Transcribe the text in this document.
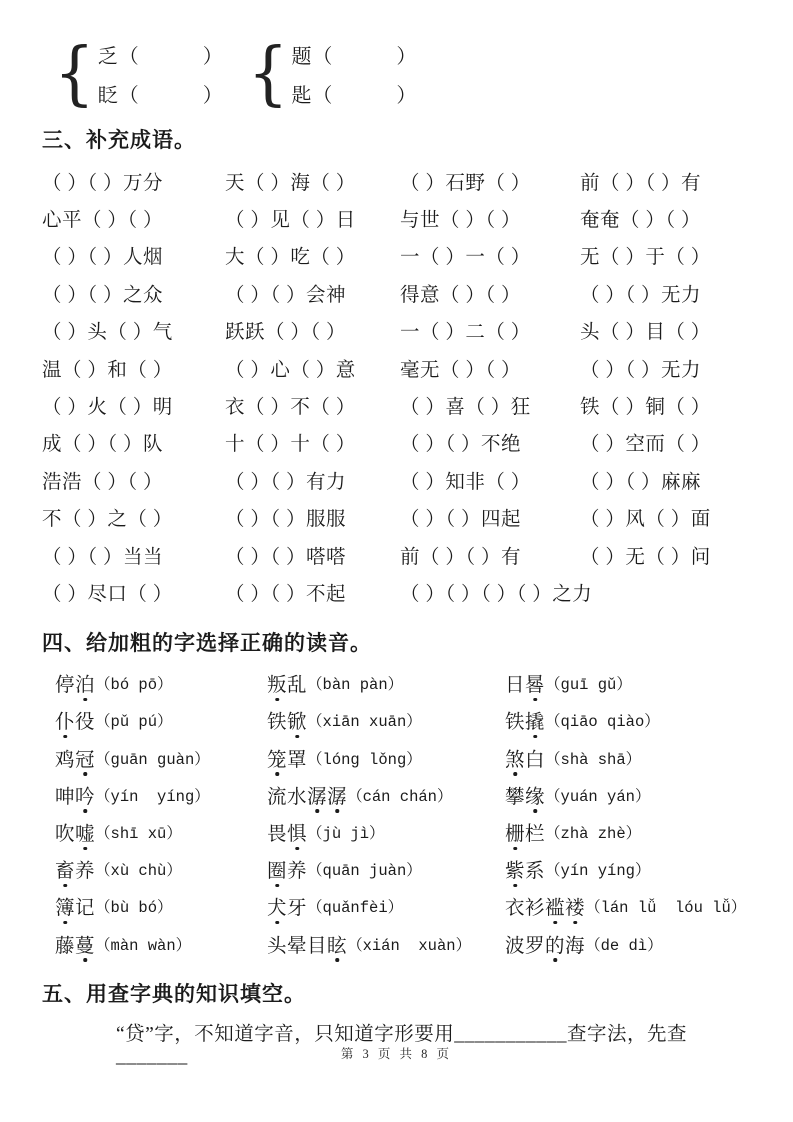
{ 乏（　　　）
眨（　　　） { 题（　　　）
匙（　　　）
三、补充成语。
（ ）（ ）万分	天（ ）海（ ）	（ ）石野（ ）	前（ ）（ ）有
心平（ ）（ ）	（ ）见（ ）日	与世（ ）（ ）	奄奄（ ）（ ）
（ ）（ ）人烟	大（ ）吃（ ）	一（ ）一（ ）	无（ ）于（ ）
（ ）（ ）之众	（ ）（ ）会神	得意（ ）（ ）	（ ）（ ）无力
（ ）头（ ）气	跃跃（ ）（ ）	一（ ）二（ ）	头（ ）目（ ）
温（ ）和（ ）	（ ）心（ ）意	毫无（ ）（ ）	（ ）（ ）无力
（ ）火（ ）明	衣（ ）不（ ）	（ ）喜（ ）狂	铁（ ）铜（ ）
成（ ）（ ）队	十（ ）十（ ）	（ ）（ ）不绝	（ ）空而（ ）
浩浩（ ）（ ）	（ ）（ ）有力	（ ）知非（ ）	（ ）（ ）麻麻
不（ ）之（ ）	（ ）（ ）服服	（ ）（ ）四起	（ ）风（ ）面
（ ）（ ）当当	（ ）（ ）嗒嗒	前（ ）（ ）有	（ ）无（ ）问
（ ）尽口（ ）	（ ）（ ）不起	（ ）（ ）（ ）（ ）之力
四、给加粗的字选择正确的读音。
停泊 （bó pō）	叛乱 （bàn pàn）	日晷 （guī gǔ）
仆役 （pǔ pú）	铁锨 （xiān xuān）	铁撬 （qiāo qiào）
鸡冠 （guān guàn）	笼罩 （lóng lǒng）	煞白 （shà shā）
呻吟 （yín  yíng）	流水潺潺 （cán chán）	攀缘 （yuán yán）
吹嘘 （shī xū）	畏惧 （jù jì）	栅栏 （zhà zhè）
畜养 （xù chù）	圈养 （quān juàn）	紫系 （yín yíng）
簿记 （bù bó）	犬牙 （quǎnfèi）	衣衫褴褛 （lán lǚ  lóu lǚ）
藤蔓 （màn wàn）	头晕目眩 （xián  xuàn） 波罗的海 （de dì）
五、用查字典的知识填空。
“贷”字，不知道字音，只知道字形要用___________查字法，先查_______	第 3 页 共 8 页
